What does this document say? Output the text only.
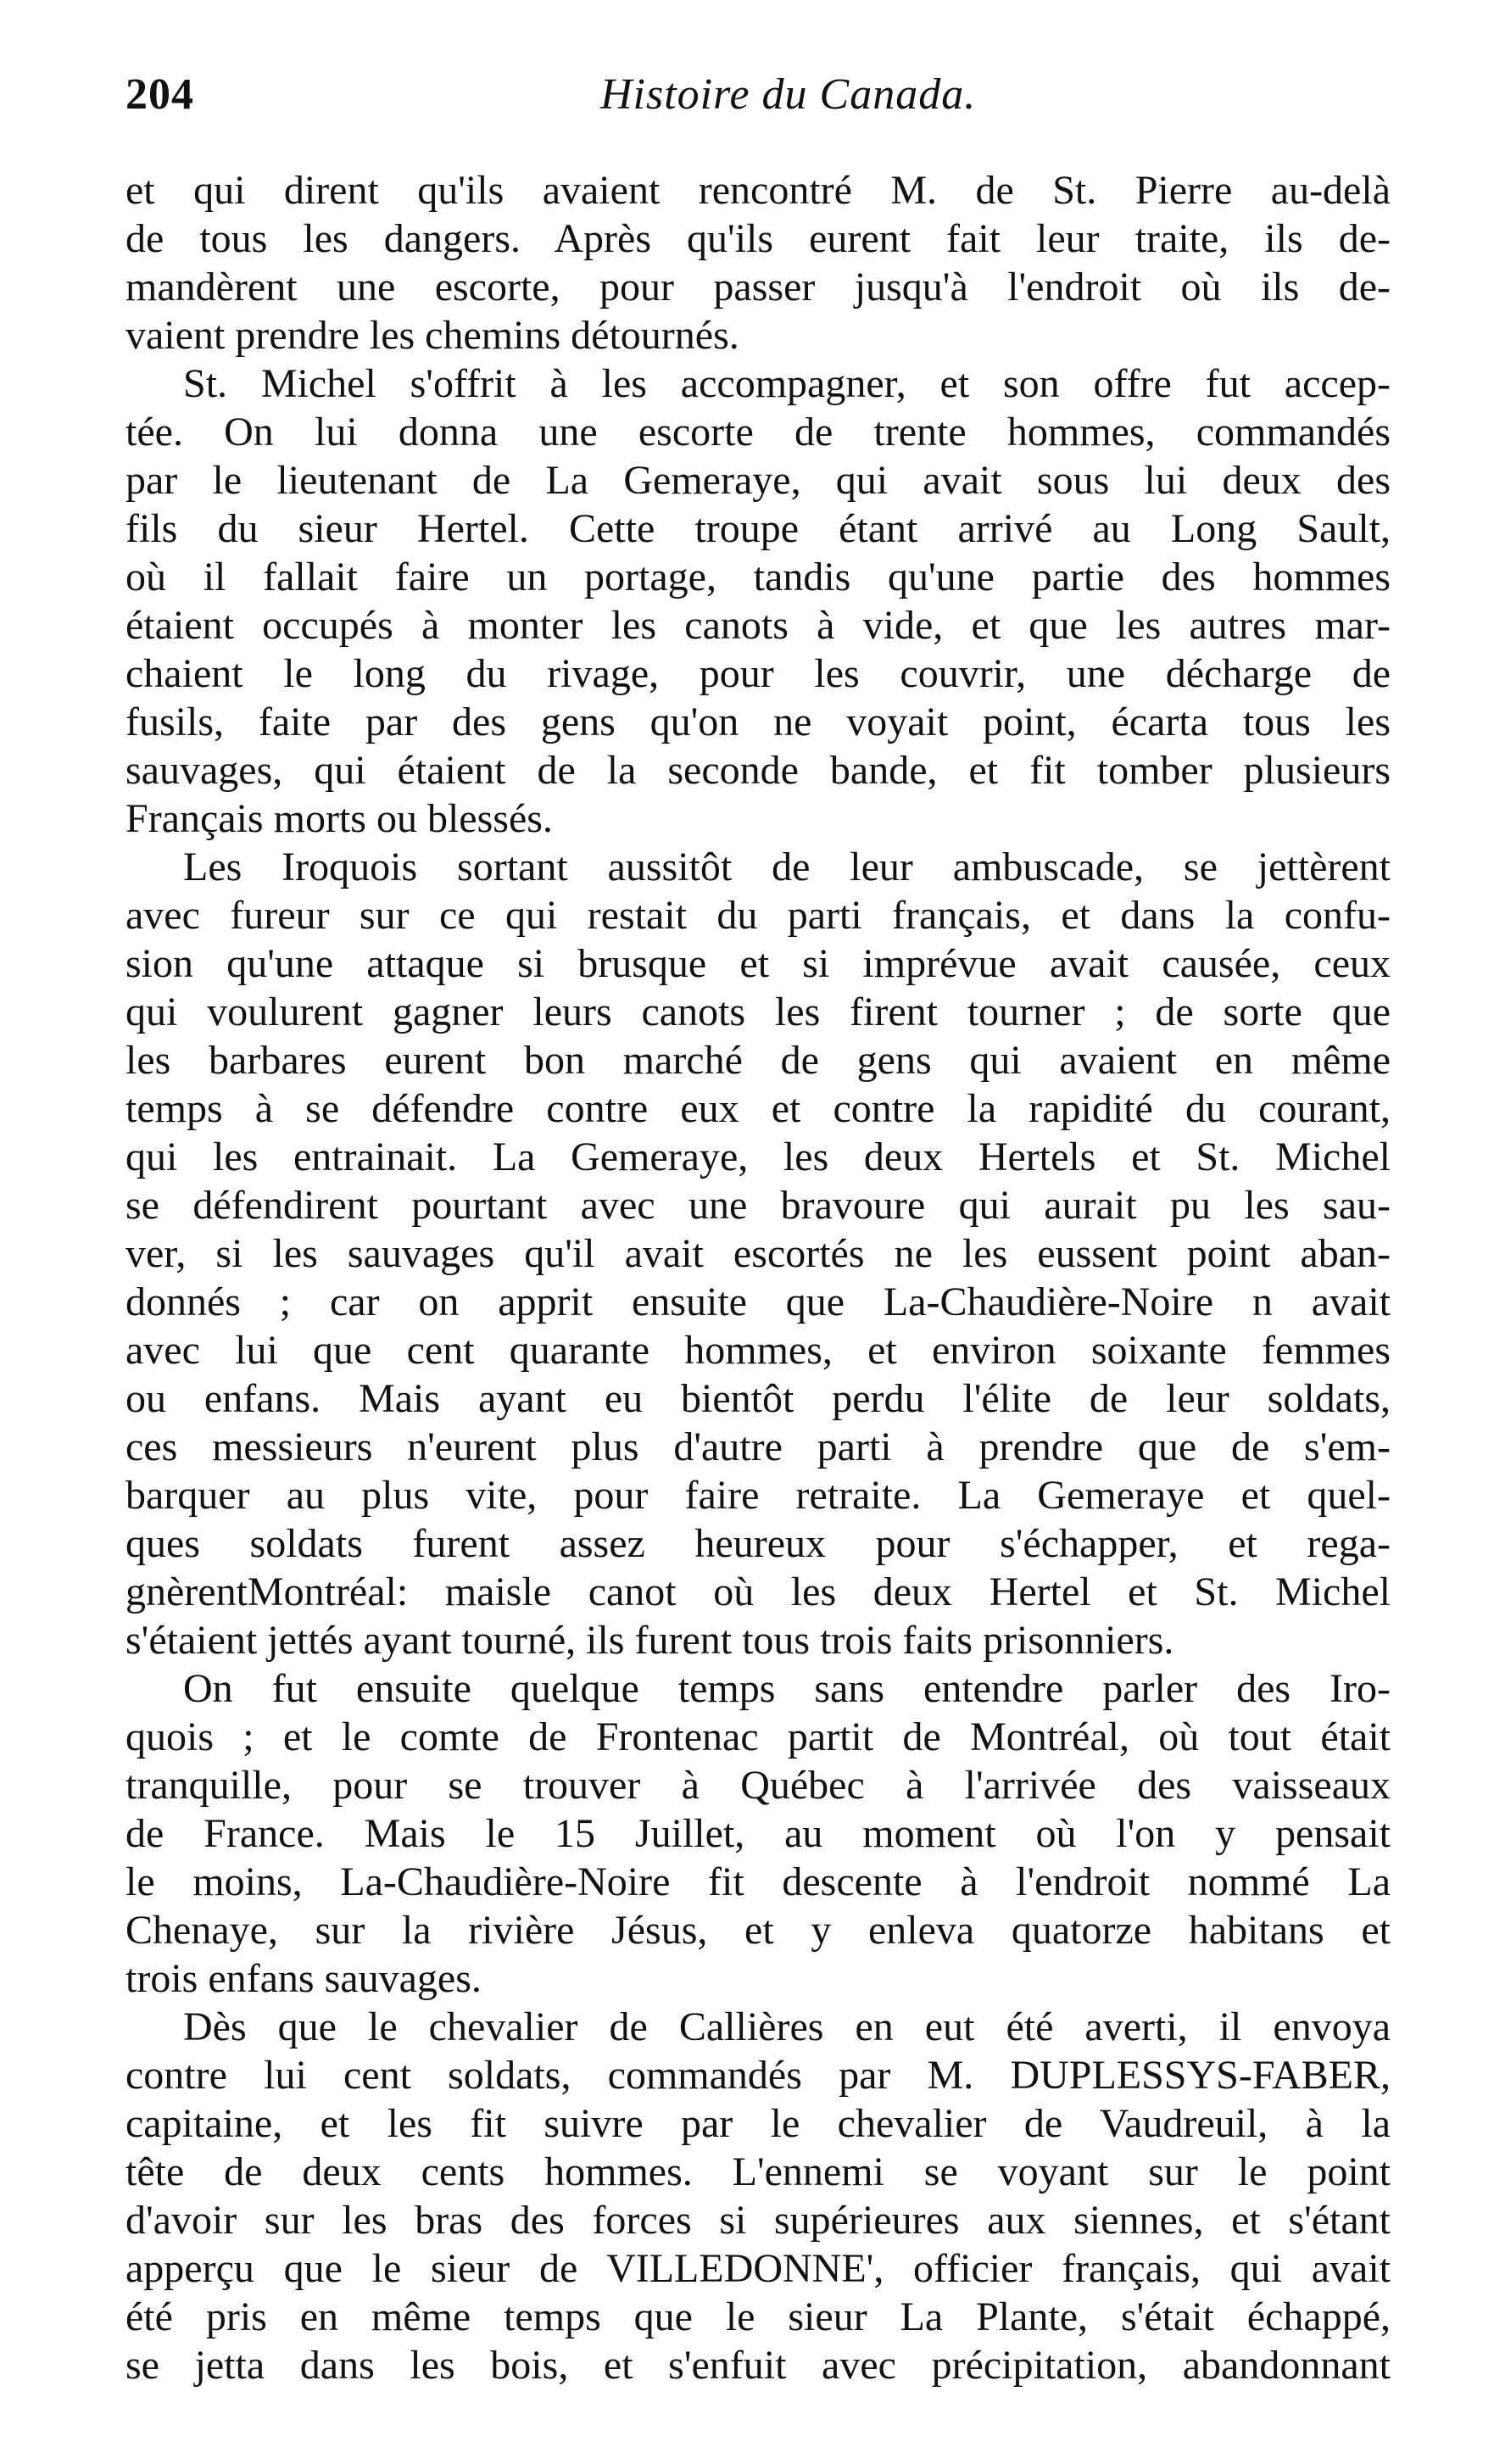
204	Histoire du Canada.
et qui dirent qu'ils avaient rencontré M. de St. Pierre au-delà
de tous les dangers. Après qu'ils eurent fait leur traite, ils de-
mandèrent une escorte, pour passer jusqu'à l'endroit où ils de-
vaient prendre les chemins détournés.
St. Michel s'offrit à les accompagner, et son offre fut accep-
tée. On lui donna une escorte de trente hommes, commandés
par le lieutenant de La Gemeraye, qui avait sous lui deux des
fils du sieur Hertel. Cette troupe étant arrivé au Long Sault,
où il fallait faire un portage, tandis qu'une partie des hommes
étaient occupés à monter les canots à vide, et que les autres mar-
chaient le long du rivage, pour les couvrir, une décharge de
fusils, faite par des gens qu'on ne voyait point, écarta tous les
sauvages, qui étaient de la seconde bande, et fit tomber plusieurs
Français morts ou blessés.
Les Iroquois sortant aussitôt de leur ambuscade, se jettèrent
avec fureur sur ce qui restait du parti français, et dans la confu-
sion qu'une attaque si brusque et si imprévue avait causée, ceux
qui voulurent gagner leurs canots les firent tourner ; de sorte que
les barbares eurent bon marché de gens qui avaient en même
temps à se défendre contre eux et contre la rapidité du courant,
qui les entrainait. La Gemeraye, les deux Hertels et St. Michel
se défendirent pourtant avec une bravoure qui aurait pu les sau-
ver, si les sauvages qu'il avait escortés ne les eussent point aban-
donnés ; car on apprit ensuite que La-Chaudière-Noire n avait
avec lui que cent quarante hommes, et environ soixante femmes
ou enfans. Mais ayant eu bientôt perdu l'élite de leur soldats,
ces messieurs n'eurent plus d'autre parti à prendre que de s'em-
barquer au plus vite, pour faire retraite. La Gemeraye et quel-
ques soldats furent assez heureux pour s'échapper, et rega-
gnèrentMontréal: maisle canot où les deux Hertel et St. Michel
s'étaient jettés ayant tourné, ils furent tous trois faits prisonniers.
On fut ensuite quelque temps sans entendre parler des Iro-
quois ; et le comte de Frontenac partit de Montréal, où tout était
tranquille, pour se trouver à Québec à l'arrivée des vaisseaux
de France. Mais le 15 Juillet, au moment où l'on y pensait
le moins, La-Chaudière-Noire fit descente à l'endroit nommé La
Chenaye, sur la rivière Jésus, et y enleva quatorze habitans et
trois enfans sauvages.
Dès que le chevalier de Callières en eut été averti, il envoya
contre lui cent soldats, commandés par M. DUPLESSYS-FABER,
capitaine, et les fit suivre par le chevalier de Vaudreuil, à la
tête de deux cents hommes. L'ennemi se voyant sur le point
d'avoir sur les bras des forces si supérieures aux siennes, et s'étant
apperçu que le sieur de VILLEDONNE', officier français, qui avait
été pris en même temps que le sieur La Plante, s'était échappé,
se jetta dans les bois, et s'enfuit avec précipitation, abandonnant
